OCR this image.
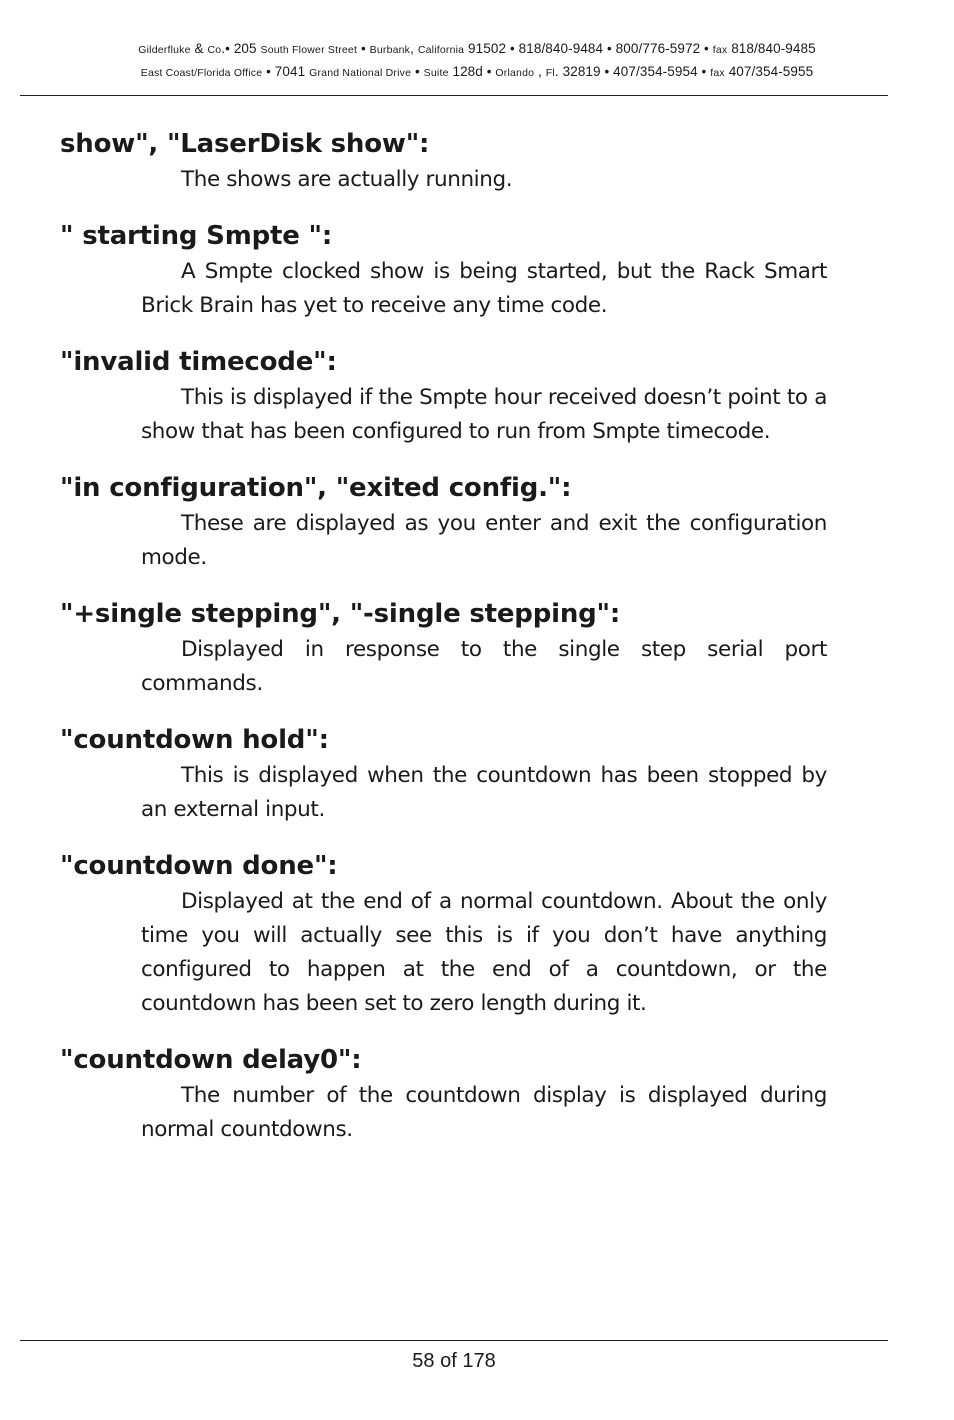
Gilderfluke & Co.• 205 South Flower Street • Burbank, California 91502 • 818/840-9484 • 800/776-5972 • fax 818/840-9485
East Coast/Florida Office • 7041 Grand National Drive • Suite 128d • Orlando , Fl. 32819 • 407/354-5954 • fax 407/354-5955
show", "LaserDisk show":

The shows are actually running.

" starting Smpte ":

A Smpte clocked show is being started, but the Rack Smart Brick Brain has yet to receive any time code.

"invalid timecode":

This is displayed if the Smpte hour received doesn’t point to a show that has been configured to run from Smpte timecode.

"in configuration", "exited config.":

These are displayed as you enter and exit the configuration mode.

"+single stepping", "-single stepping":

Displayed in response to the single step serial port commands.

"countdown hold":

This is displayed when the countdown has been stopped by an external input.

"countdown done":

Displayed at the end of a normal countdown. About the only time you will actually see this is if you don’t have anything configured to happen at the end of a countdown, or the countdown has been set to zero length during it.

"countdown delay0":

The number of the countdown display is displayed during normal countdowns.

58 of 178
